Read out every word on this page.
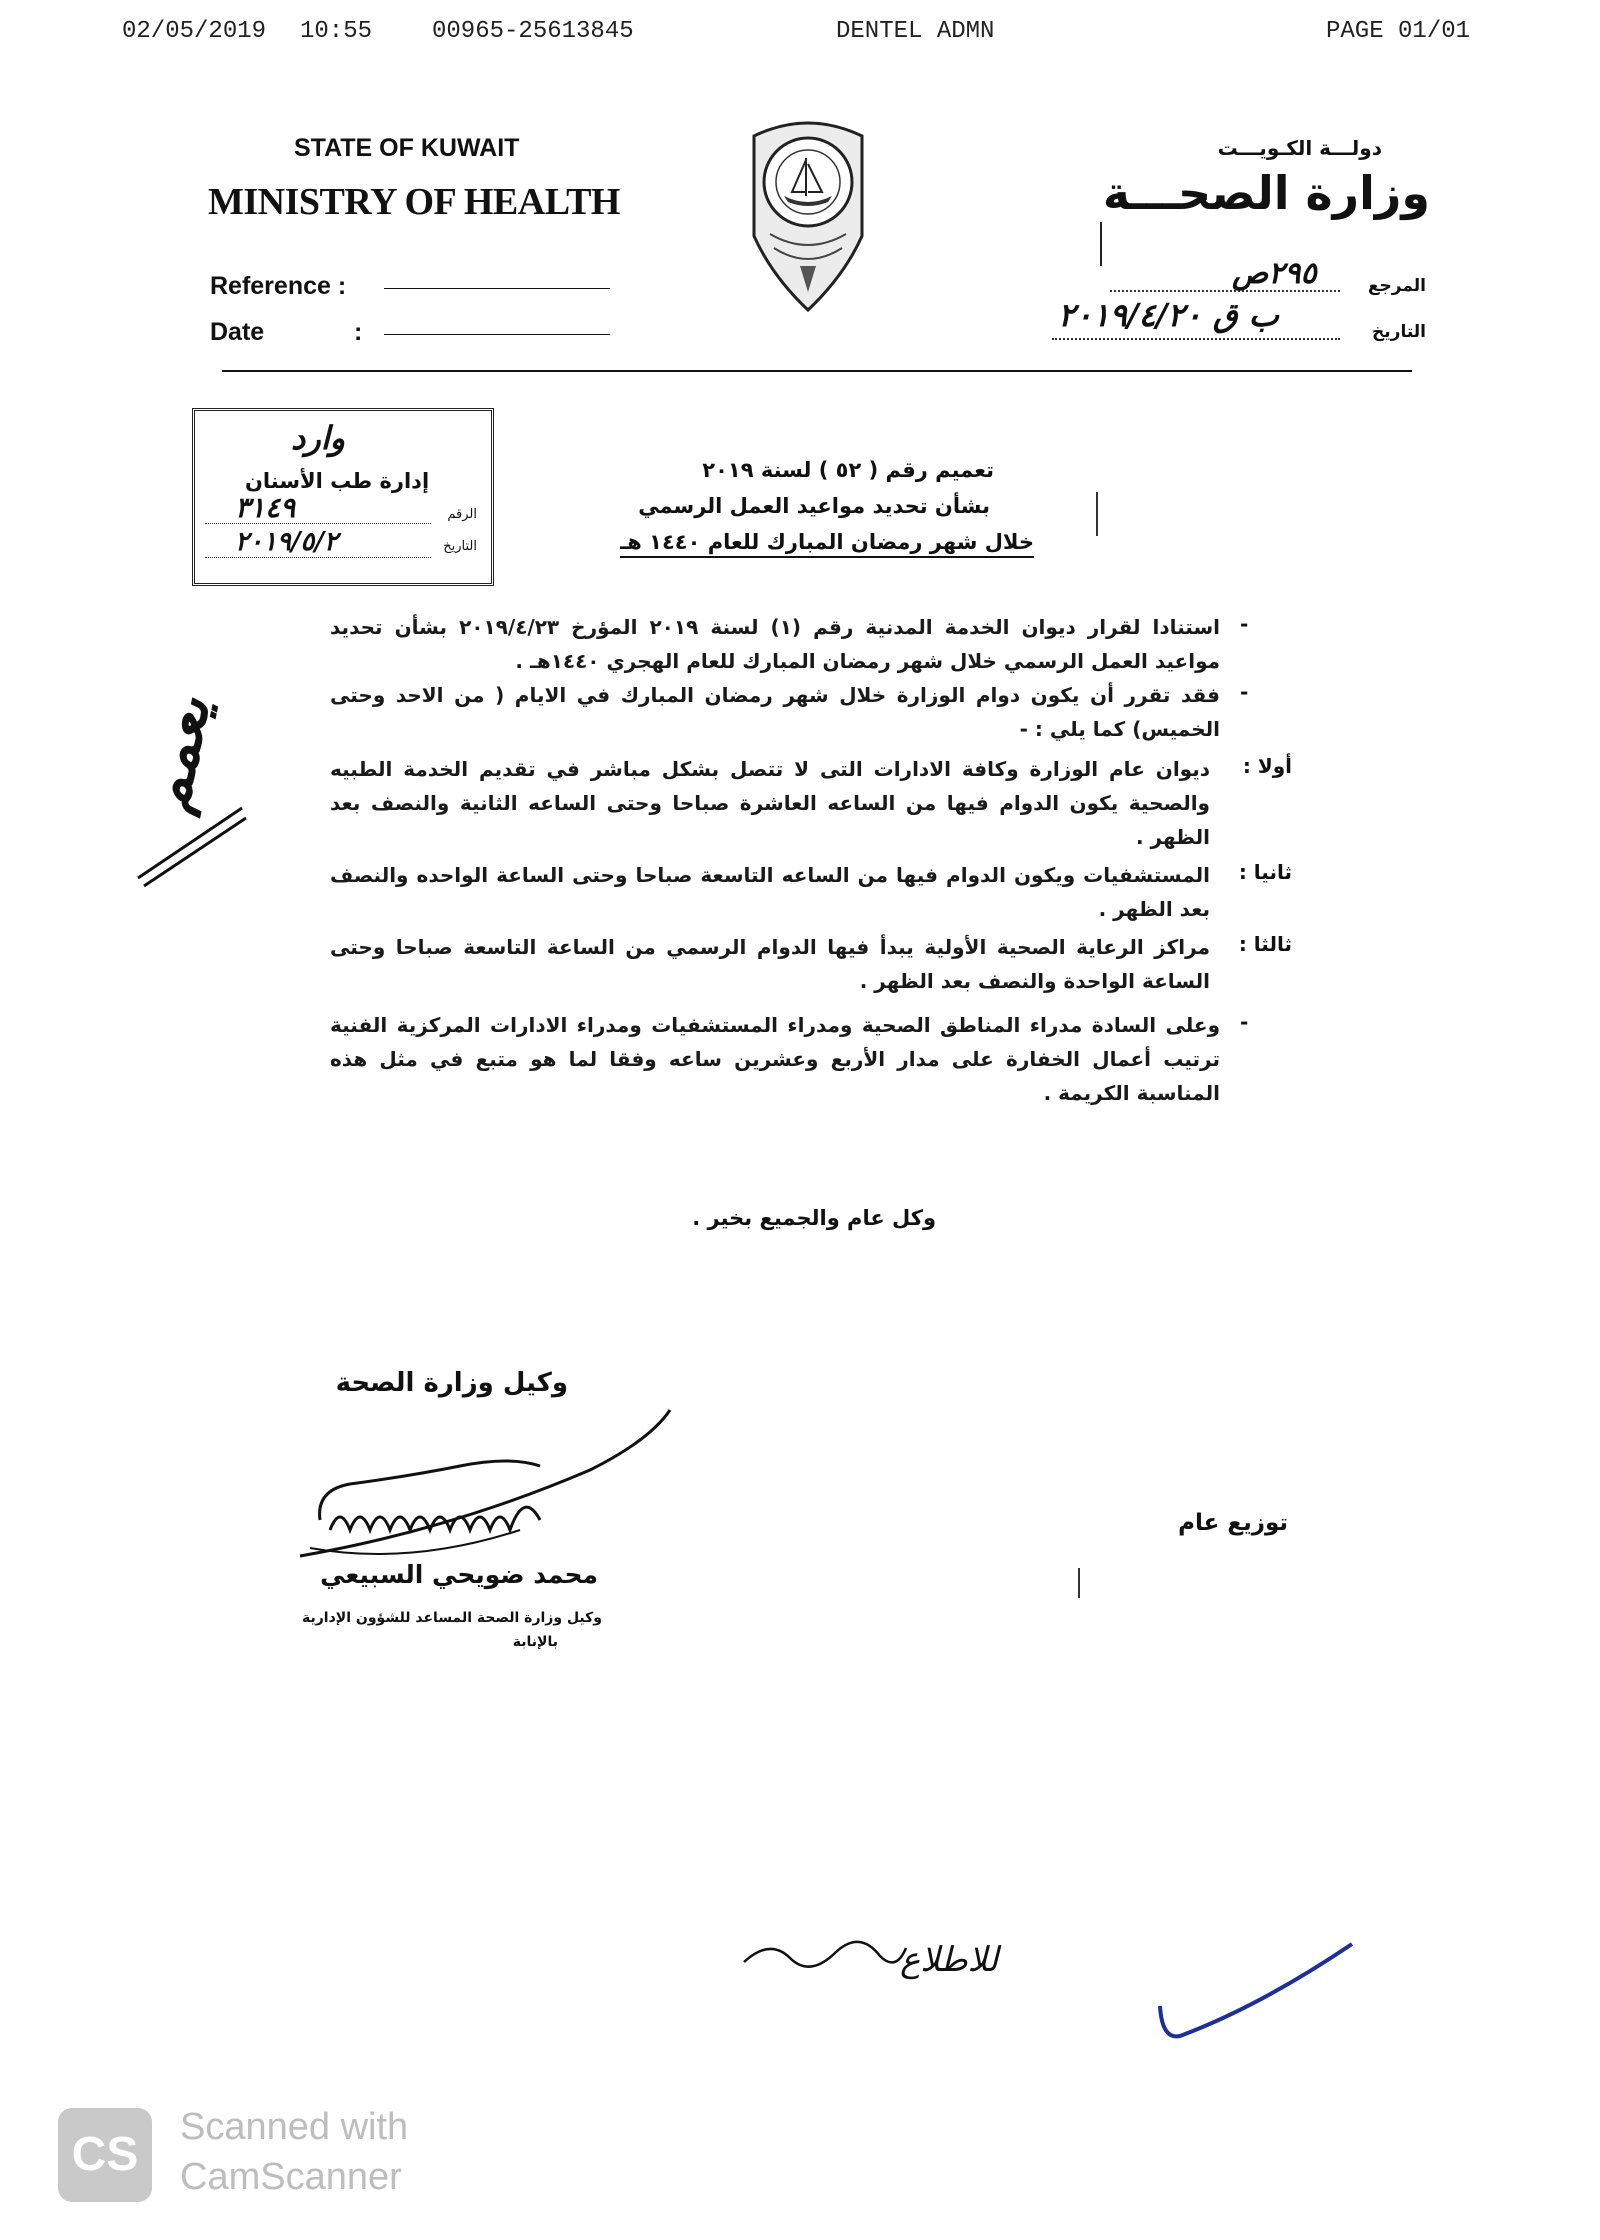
02/05/2019 10:55 00965-25613845	DENTEL ADMN	PAGE 01/01
STATE OF KUWAIT
MINISTRY OF HEALTH
Reference :
Date	:
دولـــة الكـويـــت
وزارة الصحـــة
المرجع
٢٩٥ص
التاريخ
ب ق ٢٠١٩/٤/٢٠
وارد
إدارة طب الأسنان
الرقم
٣١٤٩
التاريخ
٢٠١٩/٥/٢
تعميم رقم ( ٥٢ ) لسنة ٢٠١٩
بشأن تحديد مواعيد العمل الرسمي
خلال شهر رمضان المبارك للعام ١٤٤٠ هـ
يعمم
-
استنادا لقرار ديوان الخدمة المدنية رقم (١) لسنة ٢٠١٩ المؤرخ ٢٠١٩/٤/٢٣ بشأن تحديد مواعيد العمل الرسمي خلال شهر رمضان المبارك للعام الهجري ١٤٤٠هـ .
-
فقد تقرر أن يكون دوام الوزارة خلال شهر رمضان المبارك في الايام ( من الاحد وحتى الخميس) كما يلي : -
أولا :
ديوان عام الوزارة وكافة الادارات التى لا تتصل بشكل مباشر في تقديم الخدمة الطبيه والصحية يكون الدوام فيها من الساعه العاشرة صباحا وحتى الساعه الثانية والنصف بعد الظهر .
ثانيا :
المستشفيات ويكون الدوام فيها من الساعه التاسعة صباحا وحتى الساعة الواحده والنصف بعد الظهر .
ثالثا :
مراكز الرعاية الصحية الأولية يبدأ فيها الدوام الرسمي من الساعة التاسعة صباحا وحتى الساعة الواحدة والنصف بعد الظهر .
-
وعلى السادة مدراء المناطق الصحية ومدراء المستشفيات ومدراء الادارات المركزية الفنية ترتيب أعمال الخفارة على مدار الأربع وعشرين ساعه وفقا لما هو متبع في مثل هذه المناسبة الكريمة .
وكل عام والجميع بخير .
وكيل وزارة الصحة
محمد ضويحي السبيعي
وكيل وزارة الصحة المساعد للشؤون الإدارية
بالإنابة
توزيع عام
للاطلاع
CS
Scanned with
CamScanner
